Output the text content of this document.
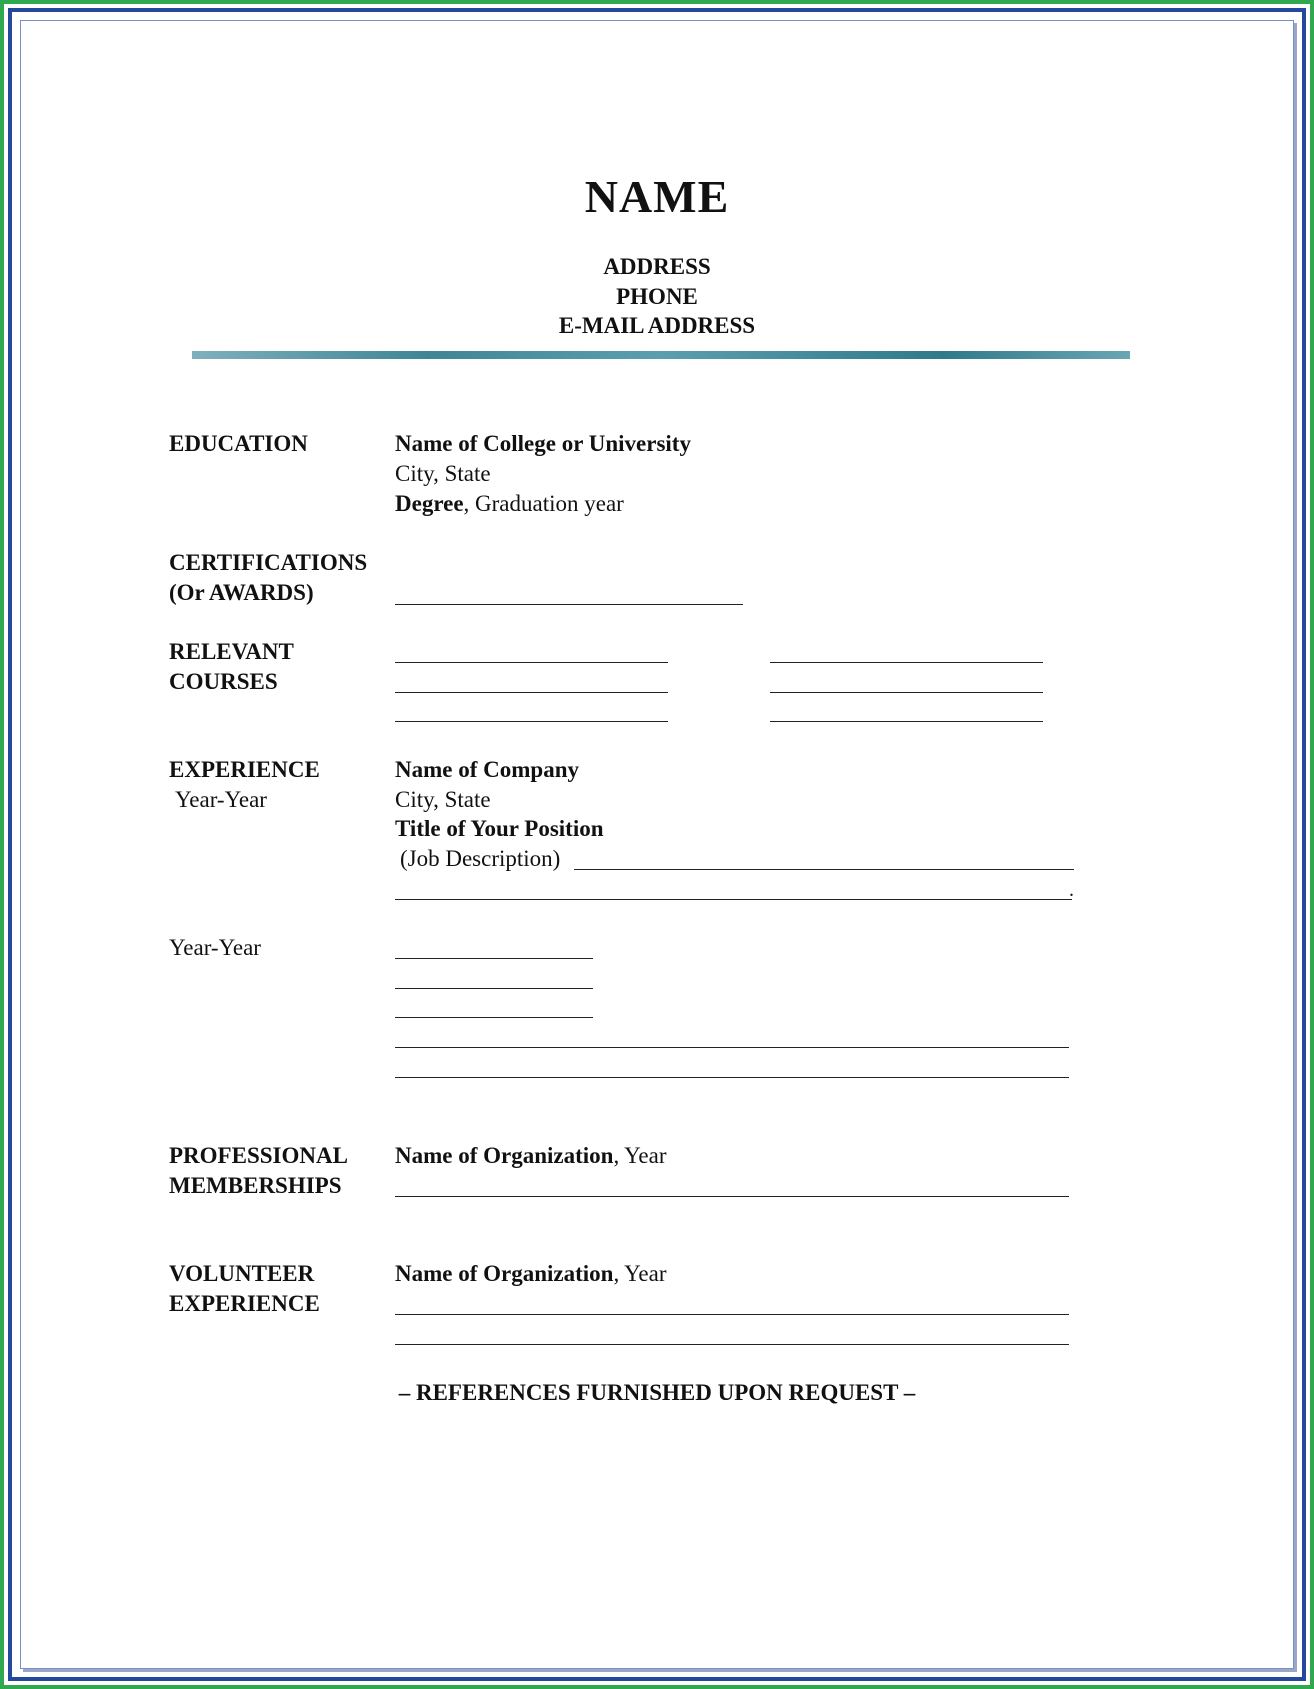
NAME
ADDRESS
PHONE
E-MAIL ADDRESS
EDUCATION	Name of College or University
City, State
Degree, Graduation year
CERTIFICATIONS
(Or AWARDS)
RELEVANT
COURSES
EXPERIENCE
Year-Year
Name of Company
City, State
Title of Your Position
(Job Description)
.
Year-Year
PROFESSIONAL
MEMBERSHIPS
Name of Organization, Year
VOLUNTEER
EXPERIENCE
Name of Organization, Year
– REFERENCES FURNISHED UPON REQUEST –
